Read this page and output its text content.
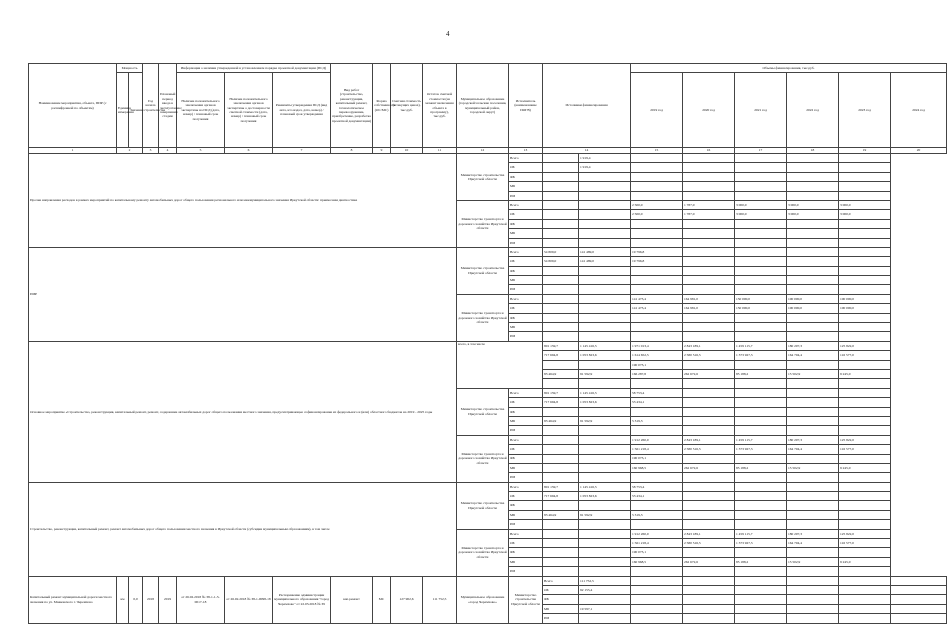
4
Наименование мероприятия, объекта, ПИР (с расшифровкой по объектам)	Мощность		Год начала строительства	Плановый период ввода в эксплуатацию/завершения стадии	Информация о наличии утвержденной в установленном порядке проектной документации (ПСД)			Вид работ (строительство, реконструкция, капитальный ремонт, технологическое перевооружение, приобретение, разработка проектной документации)	Форма собственности (ОС/МС)	Сметная стоимость (в текущих ценах), тыс.руб.	Остаток сметной стоимости (на момент включения объекта в программу), тыс.руб.	Муниципальное образование (городской/сельские поселения, муниципальный район, городской округ)	Исполнитель (наименование ИОГВ)	Источники финансирования		Объемы финансирования, тыс.руб.						
	Единица измерения	Значение			Наличие положительного заключения органов экспертизы на ПСД (дата, номер) / плановый срок получения	Наличие положительного заключения органов экспертизы о достоверности сметной стоимости (дата, номер) / плановый срок получения	Реквизиты утверждения ПСД (вид акта, кто издал, дата, номер) / плановый срок утверждения									2019 год	2020 год	2021 год	2022 год	2023 год	2024 год	

1	2		3	4	5	6	7	8	9	10	11	12	13	14		15	16	17	18	19	20	
Прочие направления расходов в рамках мероприятий по капитальному ремонту автомобильных дорог общего пользования регионального или межмуниципального значения Иркутской области: приемочная диагностика												Министерство строительства Иркутской области	Всего		1 919,4							
													ОБ		1 919,4							
													ФБ									
													МБ									
													ИИ									
												Министерство транспорта и дорожного хозяйства Иркутской области	Всего			2 500,0	1 787,0	3 000,0	3 000,0	3 000,0		
													ОБ			2 500,0	1 787,0	3 000,0	3 000,0	3 000,0		
													ФБ									
													МБ									
													ИИ									
ПИР												Министерство строительства Иркутской области	Всего	54 809,0	141 489,0	19 796,8						
													ОБ	54 809,0	141 489,0	19 796,8						
													ФБ									
													МБ									
													ИИ									
												Министерство транспорта и дорожного хозяйства Иркутской области	Всего			141 473,4	164 981,0	150 000,0	100 000,0	100 000,0		
													ОБ			141 473,4	164 981,0	150 000,0	100 000,0	100 000,0		
													ФБ									
													МБ									
													ИИ									
Основное мероприятие «Строительство, реконструкция, капитальный ремонт, ремонт, содержание автомобильных дорог общего пользования местного значения, предусматривающее софинансирование из федерального и (или) областного бюджетов на 2019 - 2025 годы												всего, в том числе		801 159,7	1 145 416,5	1 971 013,4	2 843 189,1	1 459 115,7	180 207,3	125 822,0		
														717 694,8	1 053 823,6	1 614 652,5	2 580 516,5	1 373 927,5	164 704,4	116 577,0		
																190 073,1						
														83 464,9	91 592,9	166 287,8	262 672,6	85 188,2	15 502,9	9 245,0		

												Министерство строительства Иркутской области	Всего	801 159,7	1 145 416,5	58 753,4						
													ОБ	717 694,8	1 053 823,6	53 434,1						
													ФБ									
													МБ	83 464,9	91 592,9	5 319,3						
													ИИ									
												Министерство транспорта и дорожного хозяйства Иркутской области	Всего			1 912 260,0	2 843 189,1	1 459 115,7	180 207,3	125 822,0		
													ОБ			1 561 218,4	2 580 516,5	1 373 927,5	164 704,4	116 577,0		
													ФБ			190 073,1						
													МБ			160 968,5	262 672,6	85 188,2	15 502,9	9 245,0		
													ИИ									
Строительство, реконструкция, капитальный ремонт, ремонт автомобильных дорог общего пользования местного значения в Иркутской области (субсидии муниципальным образованиям), в том числе												Министерство строительства Иркутской области	Всего	801 159,7	1 145 416,5	58 753,4						
													ОБ	717 694,8	1 053 823,6	53 434,1						
													ФБ									
													МБ	83 464,9	91 592,9	5 319,3						
													ИИ									
												Министерство транспорта и дорожного хозяйства Иркутской области	Всего			1 912 260,0	2 843 189,1	1 459 115,7	180 207,3	125 822,0		
													ОБ			1 561 218,4	2 580 516,5	1 373 927,5	164 704,4	116 577,0		
													ФБ			190 073,1						
													МБ			160 968,5	262 672,6	85 188,2	15 502,9	9 245,0		
													ИИ									
Капитальный ремонт муниципальной дороги местного значения по ул. Маяковского г. Черемхово	км	0,0	2018	2019	от 26.02.2018 № 38-1-1-3-0017-18	от 26.02.2018 № 38-1-0098-18	Распоряжение администрации муниципального образования "город Черемхово" от 22.03.2018 № 39	кап.ремонт	МС	127 902,6	111 752,5	Муниципальное образование «город Черемхово»	Министерство строительства Иркутской области	Всего	111 752,5							
														ОБ	92 155,4							
														ФБ								
														МБ	19 597,1							
														ИИ								
